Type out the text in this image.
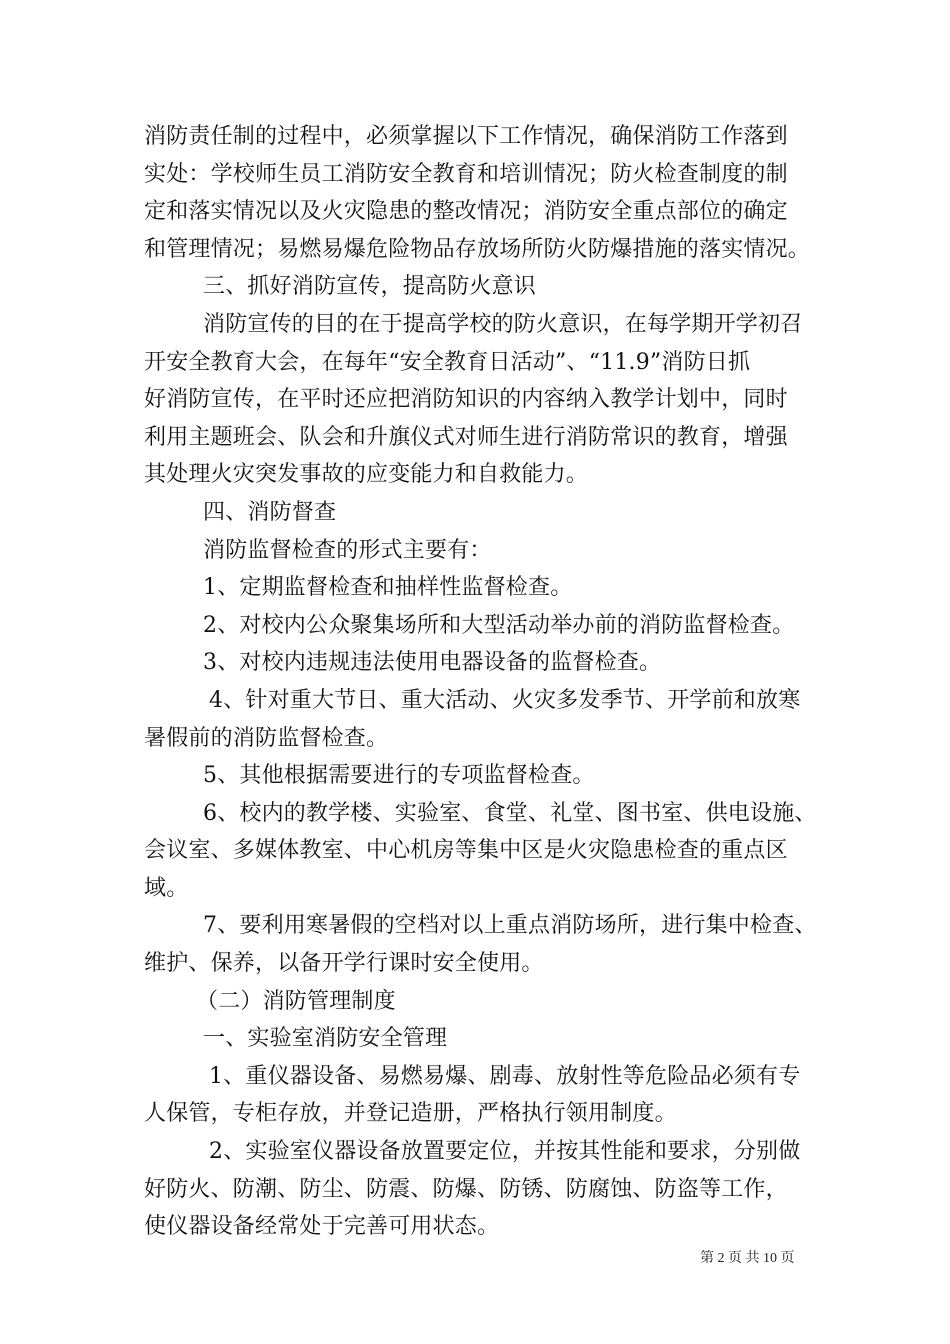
消防责任制的过程中，必须掌握以下工作情况，确保消防工作落到

实处：学校师生员工消防安全教育和培训情况；防火检查制度的制

定和落实情况以及火灾隐患的整改情况；消防安全重点部位的确定

和管理情况；易燃易爆危险物品存放场所防火防爆措施的落实情况。

三、抓好消防宣传，提高防火意识

消防宣传的目的在于提高学校的防火意识，在每学期开学初召

开安全教育大会，在每年“安全教育日活动”、“11.9”消防日抓

好消防宣传，在平时还应把消防知识的内容纳入教学计划中，同时

利用主题班会、队会和升旗仪式对师生进行消防常识的教育，增强

其处理火灾突发事故的应变能力和自救能力。

四、消防督查

消防监督检查的形式主要有：

1、定期监督检查和抽样性监督检查。

2、对校内公众聚集场所和大型活动举办前的消防监督检查。

3、对校内违规违法使用电器设备的监督检查。

4、针对重大节日、重大活动、火灾多发季节、开学前和放寒

暑假前的消防监督检查。

5、其他根据需要进行的专项监督检查。

6、校内的教学楼、实验室、食堂、礼堂、图书室、供电设施、

会议室、多媒体教室、中心机房等集中区是火灾隐患检查的重点区

域。

7、要利用寒暑假的空档对以上重点消防场所，进行集中检查、

维护、保养，以备开学行课时安全使用。

（二）消防管理制度

一、实验室消防安全管理

1、重仪器设备、易燃易爆、剧毒、放射性等危险品必须有专

人保管，专柜存放，并登记造册，严格执行领用制度。

2、实验室仪器设备放置要定位，并按其性能和要求，分别做

好防火、防潮、防尘、防震、防爆、防锈、防腐蚀、防盗等工作，

使仪器设备经常处于完善可用状态。

第 2 页 共 10 页
